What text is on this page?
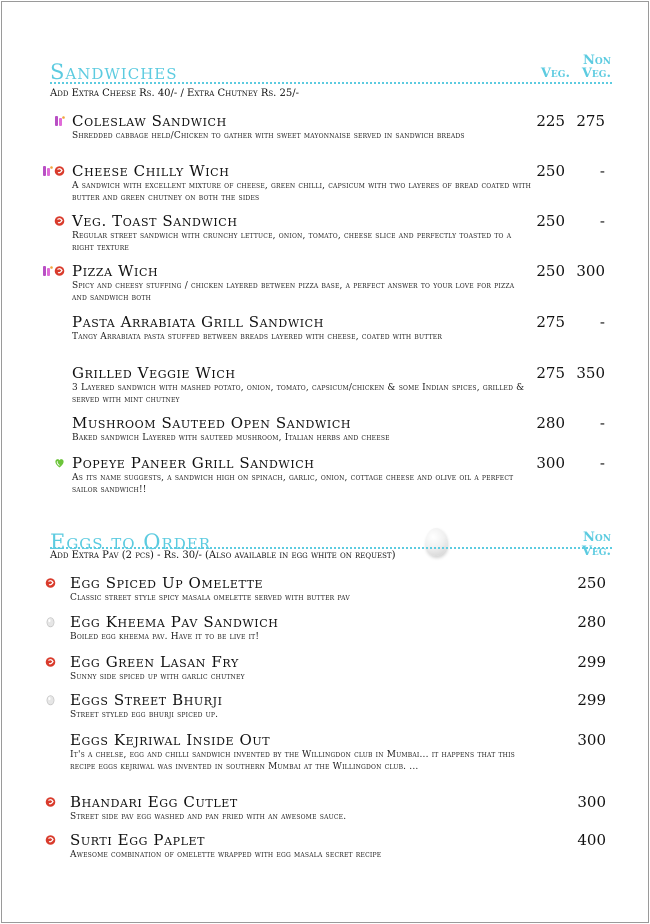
Sandwiches	Non
Veg. Veg.
Add Extra Cheese Rs. 40/- / Extra Chutney Rs. 25/-
Coleslaw Sandwich
Shredded cabbage held/Chicken to gather with sweet mayonnaise served in sandwich breads
225 275
Cheese Chilly Wich
A sandwich with excellent mixture of cheese, green chilli, capsicum with two layeres of bread coated with butter and green chutney on both the sides
250	-
Veg. Toast Sandwich
Regular street sandwich with crunchy lettuce, onion, tomato, cheese slice and perfectly toasted to a right texture
250	-
Pizza Wich
Spicy and cheesy stuffing / chicken layered between pizza base, a perfect answer to your love for pizza and sandwich both
250 300
Pasta Arrabiata Grill Sandwich
Tangy Arrabiata pasta stuffed between breads layered with cheese, coated with butter
275	-
Grilled Veggie Wich
3 Layered sandwich with mashed potato, onion, tomato, capsicum/chicken & some Indian spices, grilled & served with mint chutney
275 350
Mushroom Sauteed Open Sandwich
Baked sandwich Layered with sauteed mushroom, Italian herbs and cheese
280	-
Popeye Paneer Grill Sandwich
As its name suggests, a sandwich high on spinach, garlic, onion, cottage cheese and olive oil a perfect sailor sandwich!!
300	-
Eggs to Order	Non
Veg.
Add Extra Pav (2 pcs) - Rs. 30/- (Also available in egg white on request)
Egg Spiced Up Omelette
Classic street style spicy masala omelette served with butter pav
250
Egg Kheema Pav Sandwich
Boiled egg kheema pav. Have it to be live it!
280
Egg Green Lasan Fry
Sunny side spiced up with garlic chutney
299
Eggs Street Bhurji
Street styled egg bhurji spiced up.
299
Eggs Kejriwal Inside Out
It's a chelse, egg and chilli sandwich invented by the Willingdon club in Mumbai... it happens that this recipe eggs kejriwal was invented in southern Mumbai at the Willingdon club. ...
300
Bhandari Egg Cutlet
Street side pav egg washed and pan fried with an awesome sauce.
300
Surti Egg Paplet
Awesome combination of omelette wrapped with egg masala secret recipe
400
